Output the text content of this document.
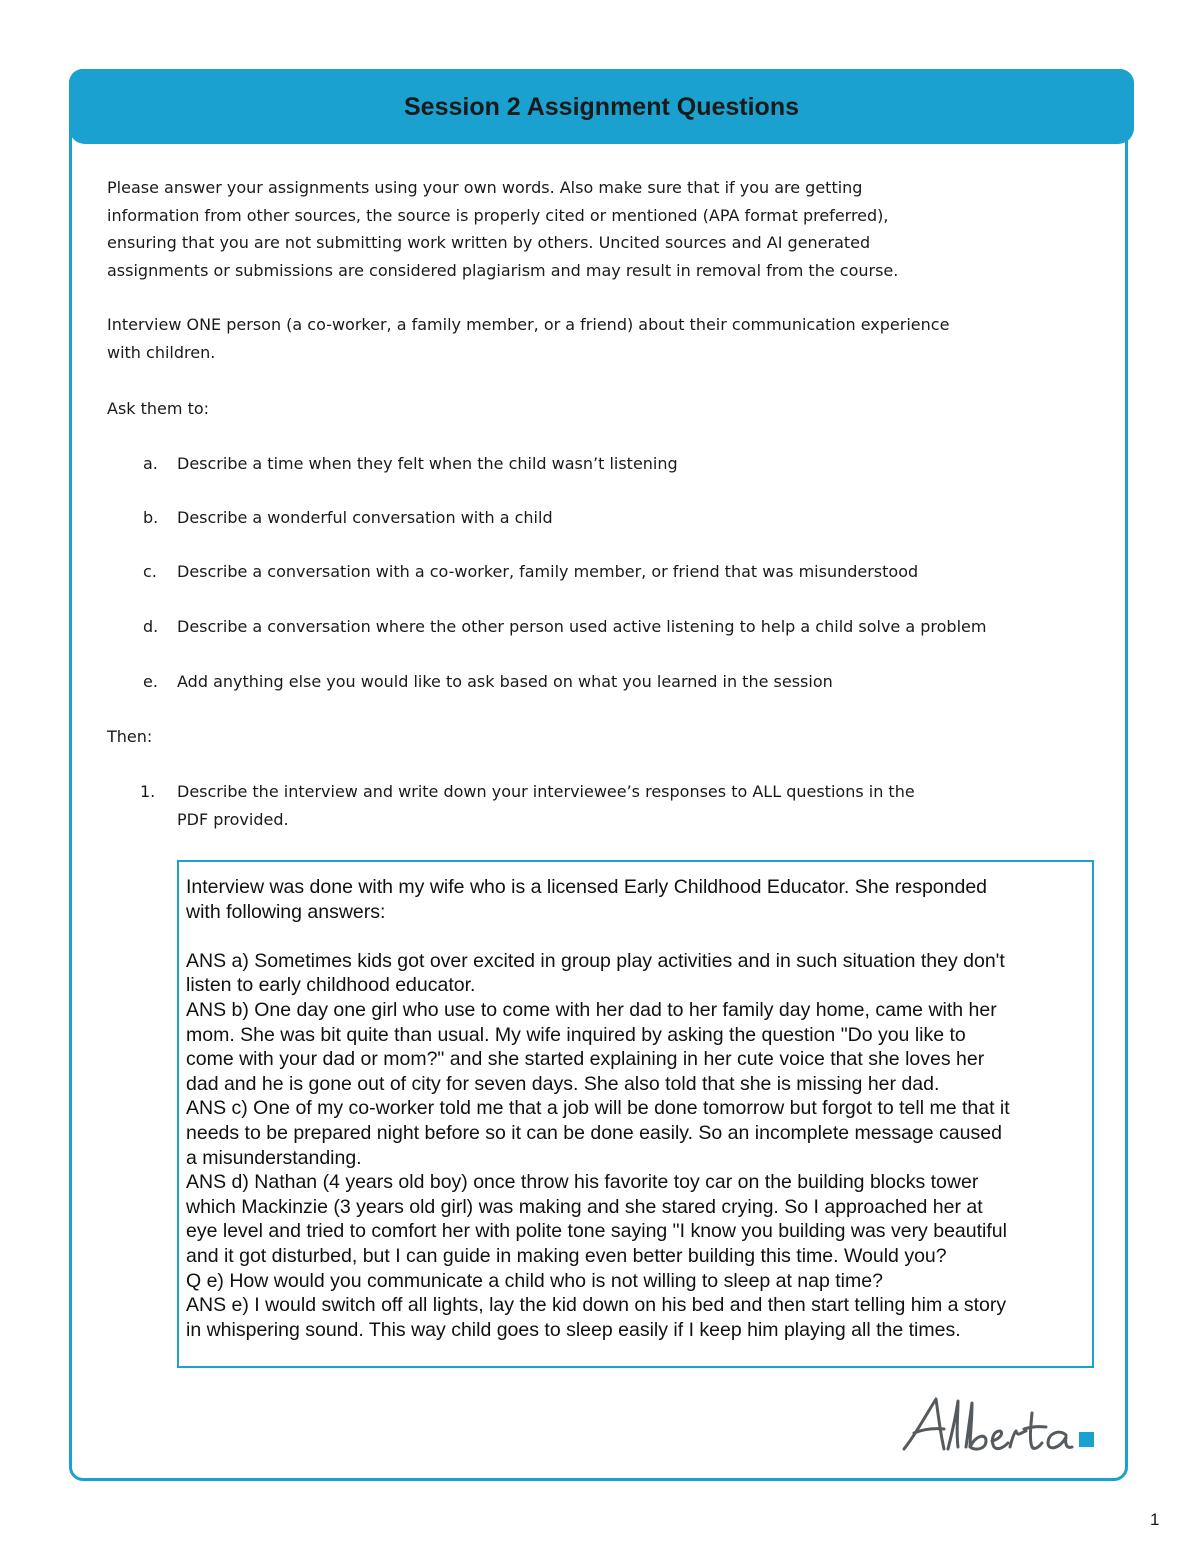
Session 2 Assignment Questions

Please answer your assignments using your own words. Also make sure that if you are getting

information from other sources, the source is properly cited or mentioned (APA format preferred),

ensuring that you are not submitting work written by others. Uncited sources and AI generated

assignments or submissions are considered plagiarism and may result in removal from the course.

Interview ONE person (a co-worker, a family member, or a friend) about their communication experience

with children.

Ask them to:

a.	Describe a time when they felt when the child wasn’t listening
b.	Describe a wonderful conversation with a child
c.	Describe a conversation with a co-worker, family member, or friend that was misunderstood
d.	Describe a conversation where the other person used active listening to help a child solve a problem
e.	Add anything else you would like to ask based on what you learned in the session

Then:

1.	Describe the interview and write down your interviewee’s responses to ALL questions in the
PDF provided.

Interview was done with my wife who is a licensed Early Childhood Educator. She responded

with following answers:

ANS a) Sometimes kids got over excited in group play activities and in such situation they don't

listen to early childhood educator.

ANS b) One day one girl who use to come with her dad to her family day home, came with her

mom. She was bit quite than usual. My wife inquired by asking the question "Do you like to

come with your dad or mom?" and she started explaining in her cute voice that she loves her

dad and he is gone out of city for seven days. She also told that she is missing her dad.

ANS c) One of my co-worker told me that a job will be done tomorrow but forgot to tell me that it

needs to be prepared night before so it can be done easily. So an incomplete message caused

a misunderstanding.

ANS d) Nathan (4 years old boy) once throw his favorite toy car on the building blocks tower

which Mackinzie (3 years old girl) was making and she stared crying. So I approached her at

eye level and tried to comfort her with polite tone saying "I know you building was very beautiful

and it got disturbed, but I can guide in making even better building this time. Would you?

Q e) How would you communicate a child who is not willing to sleep at nap time?

ANS e) I would switch off all lights, lay the kid down on his bed and then start telling him a story

in whispering sound. This way child goes to sleep easily if I keep him playing all the times.

1
